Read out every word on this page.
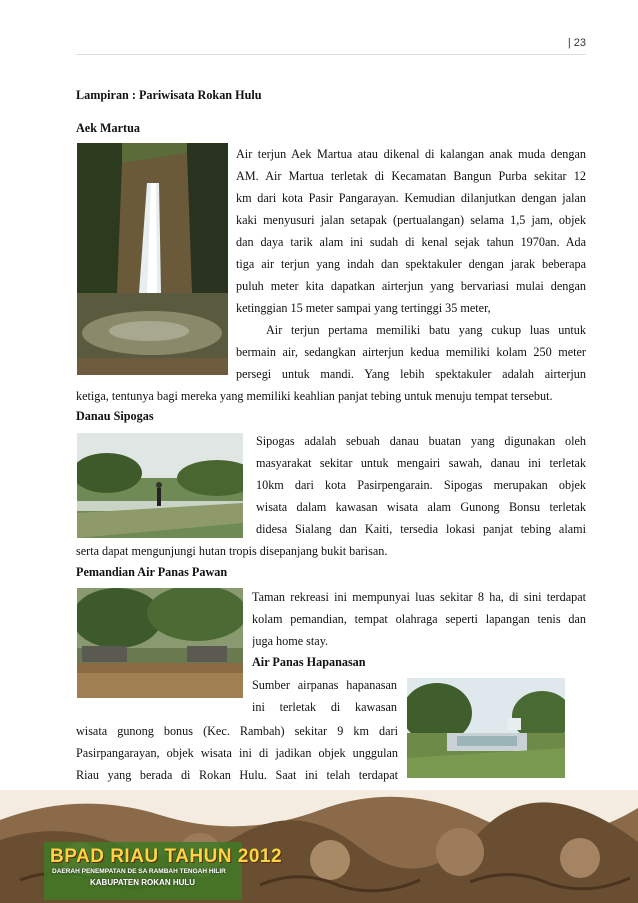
| 23
Lampiran : Pariwisata Rokan Hulu
Aek Martua
Air terjun Aek Martua atau dikenal di kalangan anak muda dengan
AM. Air Martua terletak di Kecamatan Bangun Purba sekitar 12
km dari kota Pasir Pangarayan. Kemudian dilanjutkan dengan jalan
kaki menyusuri jalan setapak (pertualangan) selama 1,5 jam, objek
dan daya tarik alam ini sudah di kenal sejak tahun 1970an. Ada
tiga air terjun yang indah dan spektakuler dengan jarak beberapa
puluh meter kita dapatkan airterjun yang bervariasi mulai dengan
ketinggian 15 meter sampai yang tertinggi 35 meter,
Air terjun pertama memiliki batu yang cukup luas untuk
bermain air, sedangkan airterjun kedua memiliki kolam 250 meter
persegi untuk mandi. Yang lebih spektakuler adalah airterjun
ketiga, tentunya bagi mereka yang memiliki keahlian panjat tebing untuk menuju tempat tersebut.
Danau Sipogas
Sipogas adalah sebuah danau buatan yang digunakan oleh
masyarakat sekitar untuk mengairi sawah, danau ini terletak
10km dari kota Pasirpengarain. Sipogas merupakan objek
wisata dalam kawasan wisata alam Gunong Bonsu terletak
didesa Sialang dan Kaiti, tersedia lokasi panjat tebing alami
serta dapat mengunjungi hutan tropis disepanjang bukit barisan.
Pemandian Air Panas Pawan
Taman rekreasi ini mempunyai luas sekitar 8 ha, di sini terdapat
kolam pemandian, tempat olahraga seperti lapangan tenis dan
juga home stay.
Air Panas Hapanasan
Sumber airpanas hapanasan
ini terletak di kawasan
wisata gunong bonus (Kec. Rambah) sekitar 9 km dari
Pasirpangarayan, objek wisata ini di jadikan objek unggulan
Riau yang berada di Rokan Hulu. Saat ini telah terdapat
BPAD RIAU TAHUN 2012
DAERAH PENEMPATAN DE SA RAMBAH TENGAH HILIR
KABUPATEN ROKAN HULU
